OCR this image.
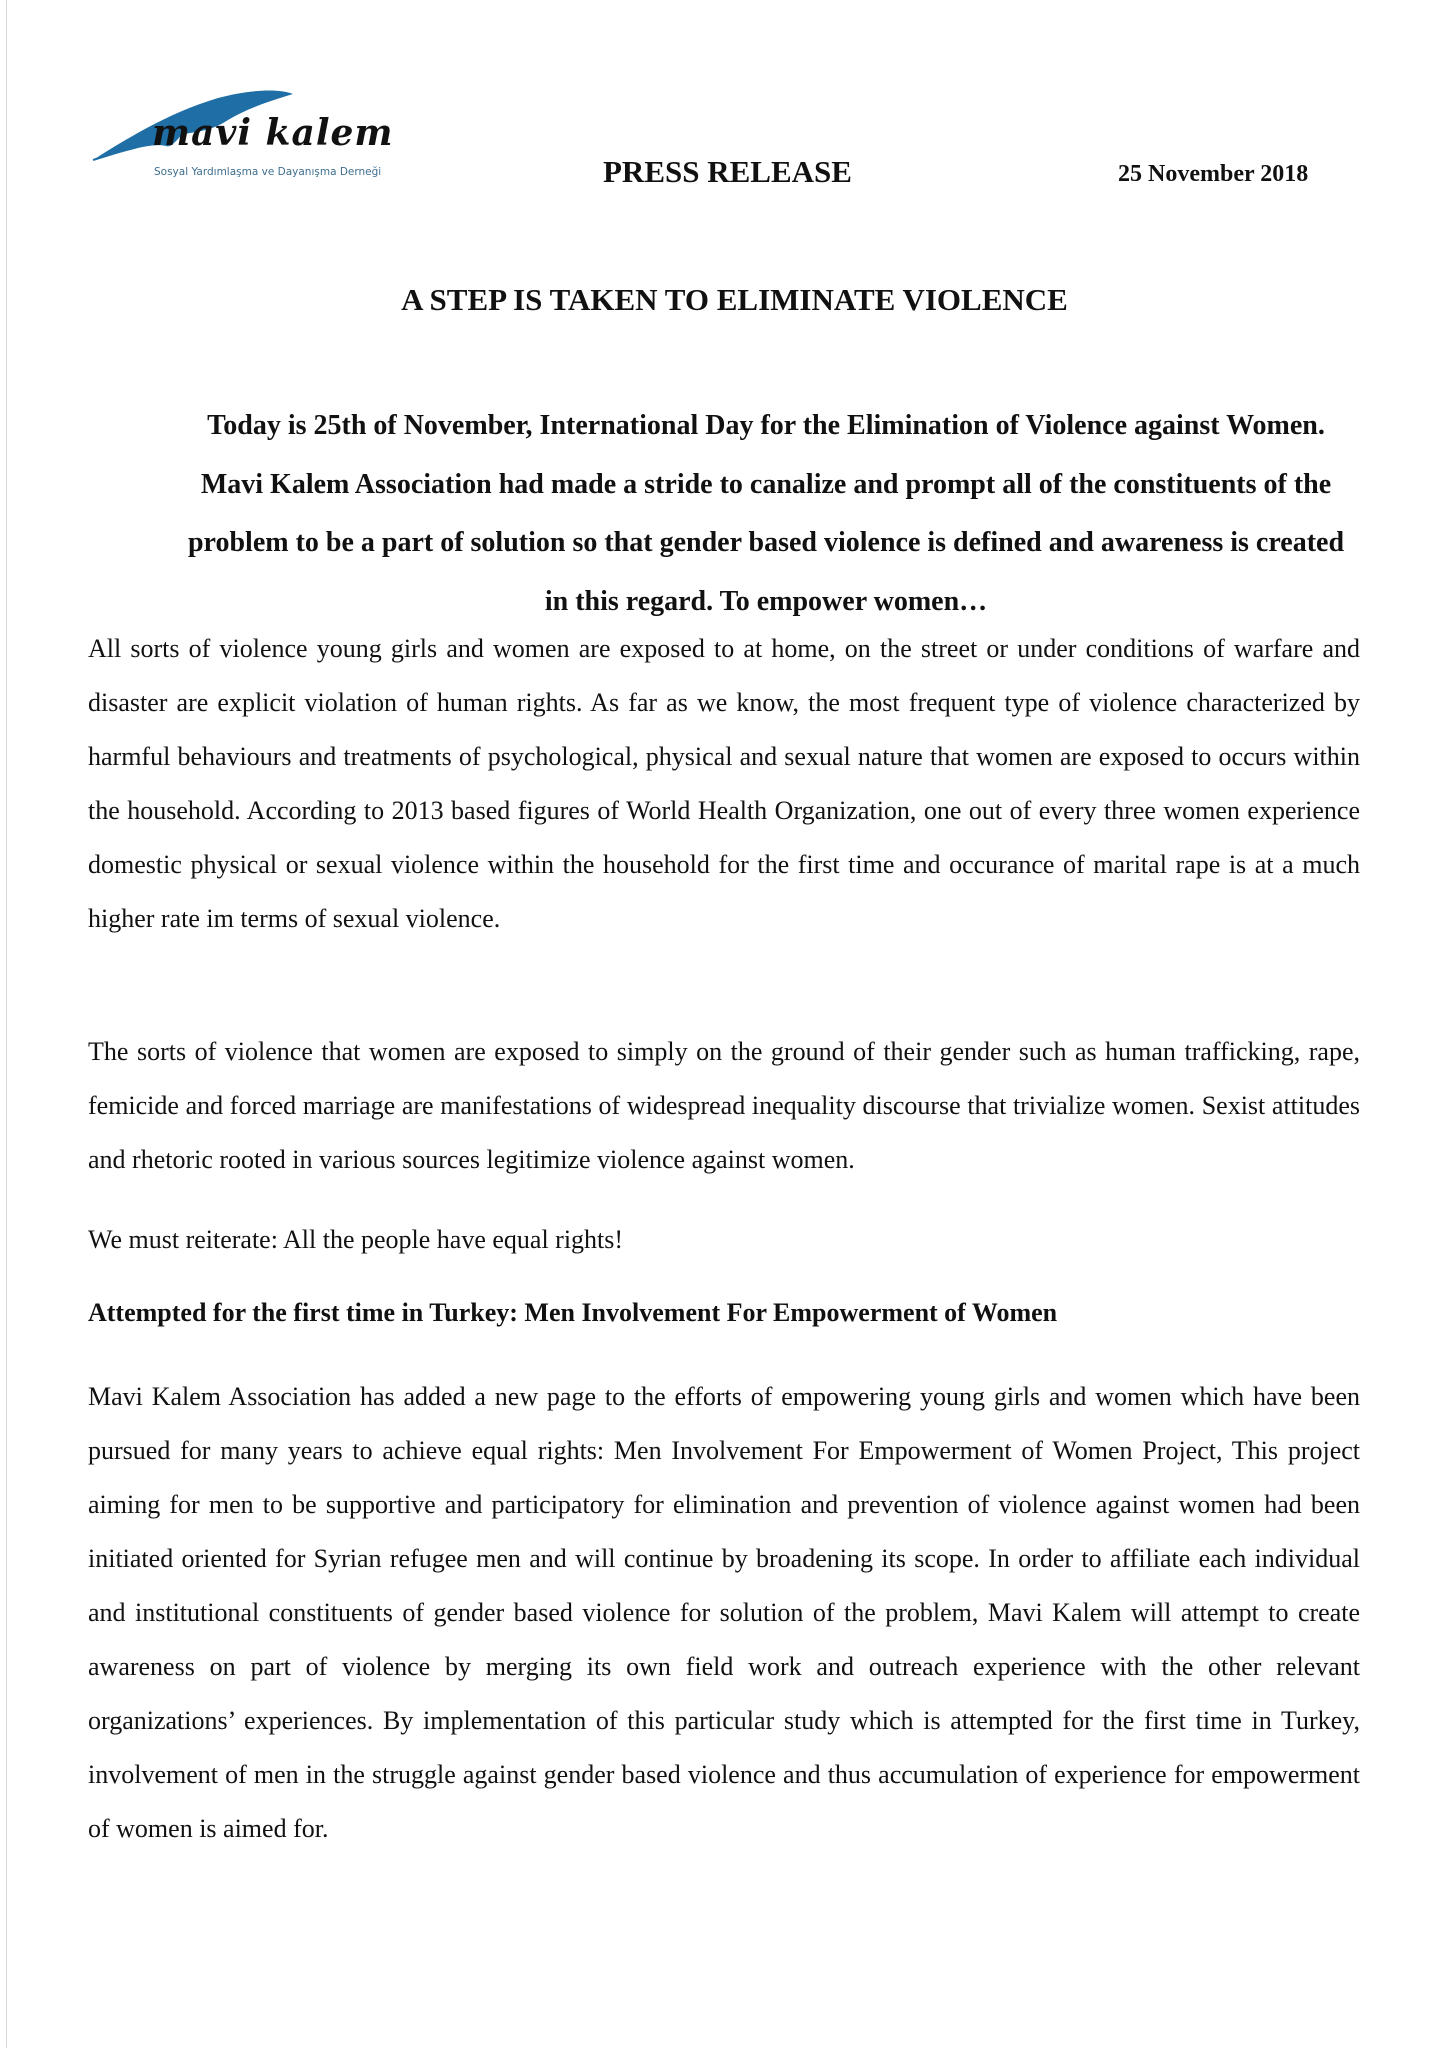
mavi kalem
Sosyal Yardımlaşma ve Dayanışma Derneği	PRESS RELEASE	25 November 2018
A STEP IS TAKEN TO ELIMINATE VIOLENCE
Today is 25th of November, International Day for the Elimination of Violence against Women. Mavi Kalem Association had made a stride to canalize and prompt all of the constituents of the problem to be a part of solution so that gender based violence is defined and awareness is created in this regard. To empower women…

All sorts of violence young girls and women are exposed to at home, on the street or under conditions of warfare and disaster are explicit violation of human rights. As far as we know, the most frequent type of violence characterized by harmful behaviours and treatments of psychological, physical and sexual nature that women are exposed to occurs within the household. According to 2013 based figures of World Health Organization, one out of every three women experience domestic physical or sexual violence within the household for the first time and occurance of marital rape is at a much higher rate im terms of sexual violence.

The sorts of violence that women are exposed to simply on the ground of their gender such as human trafficking, rape, femicide and forced marriage are manifestations of widespread inequality discourse that trivialize women. Sexist attitudes and rhetoric rooted in various sources legitimize violence against women.

We must reiterate: All the people have equal rights!

Attempted for the first time in Turkey: Men Involvement For Empowerment of Women

Mavi Kalem Association has added a new page to the efforts of empowering young girls and women which have been pursued for many years to achieve equal rights: Men Involvement For Empowerment of Women Project, This project aiming for men to be supportive and participatory for elimination and prevention of violence against women had been initiated oriented for Syrian refugee men and will continue by broadening its scope. In order to affiliate each individual and institutional constituents of gender based violence for solution of the problem, Mavi Kalem will attempt to create awareness on part of violence by merging its own field work and outreach experience with the other relevant organizations’ experiences. By implementation of this particular study which is attempted for the first time in Turkey, involvement of men in the struggle against gender based violence and thus accumulation of experience for empowerment of women is aimed for.
